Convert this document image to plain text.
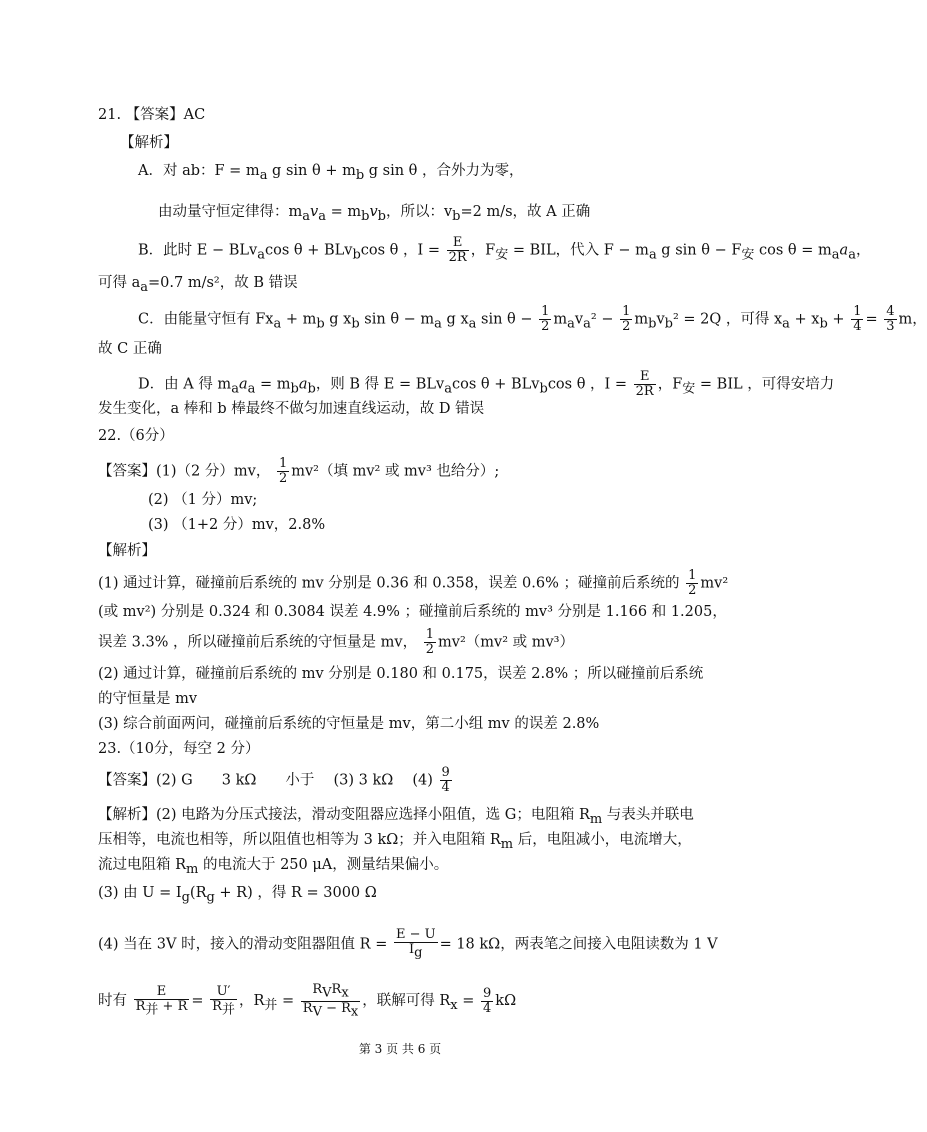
21. 【答案】AC
【解析】
A．对 ab：$F = m_a$ g $\sin \theta + m_b$ g sin θ ，合外力为零，
由动量守恒定律得：$m_av_a = m_bv_b$，所以：$v_b=2$ m/s，故 A 正确
B．此时 E − BLv$_a$cos θ + BLv$_b$cos θ ，$I = \frac{E}{2R}$ ，$F_安$ = BIL，代入 $F - m_a$ g $\sin \theta - F_安$ $\cos \theta = m_aa_a$，
可得 $a_a=0.7$ m/s²，故 B 错误
C．由能量守恒有 $Fx_a + m_b$ g $x_b$ $\sin \theta - m_a$ g $x_a$ $\sin \theta - \frac{1}{2} m_av_a^2 - \frac{1}{2} m_bv_b^2 = 2Q$ ，可得 $x_a + x_b + \frac{1}{4} = \frac{4}{3}$ m，
故 C 正确
D．由 A 得 $m_aa_a = m_ba_b$，则 B 得 E = BLv$_a$cos θ + BLv$_b$cos θ ，$I = \frac{E}{2R}$ ，$F_安$ = BIL ，可得安培力
发生变化，a 棒和 b 棒最终不做匀加速直线运动，故 D 错误
22.（6分）
【答案】(1)（2 分）mv， $\frac{1}{2} mv^2$（填 mv² 或 mv³ 也给分）;
(2) （1 分）mv;
(3) （1+2 分）mv，2.8%
【解析】
(1) 通过计算，碰撞前后系统的 mv 分别是 0.36 和 0.358，误差 0.6% ；碰撞前后系统的 $\frac{1}{2} mv^2$
(或 mv²) 分别是 0.324 和 0.3084 误差 4.9% ；碰撞前后系统的 mv³ 分别是 1.166 和 1.205，
误差 3.3% ，所以碰撞前后系统的守恒量是 mv， $\frac{1}{2} mv^2(mv^2$ 或 mv³）
(2) 通过计算，碰撞前后系统的 mv 分别是 0.180 和 0.175，误差 2.8% ；所以碰撞前后系统
的守恒量是 mv
(3) 综合前面两问，碰撞前后系统的守恒量是 mv，第二小组 mv 的误差 2.8%
23.（10分，每空 2 分）
【答案】(2) G　　3 kΩ　　小于　 (3) 3 kΩ　 $(4) \frac{9}{4}$
【解析】(2) 电路为分压式接法，滑动变阻器应选择小阻值，选 G；电阻箱 $R_m$ 与表头并联电
压相等，电流也相等，所以阻值也相等为 3 kΩ；并入电阻箱 $R_m$ 后，电阻减小，电流增大，
流过电阻箱 $R_m$ 的电流大于 250 μA，测量结果偏小。
(3) 由 $U = I_g(R_g + R)$ ，得 R = 3000 Ω
(4) 当在 3V 时，接入的滑动变阻器阻值 $R = \frac{E - U}{I_g} = 18$ kΩ，两表笔之间接入电阻读数为 1 V
时有 $\frac{E}{R_并 + R} = \frac{U'}{R_并}$ ，$R_并 = \frac{R_VR_x}{R_V - R_x}$ ，联解可得 $R_x = \frac{9}{4}$ kΩ
第 3 页 共 6 页
